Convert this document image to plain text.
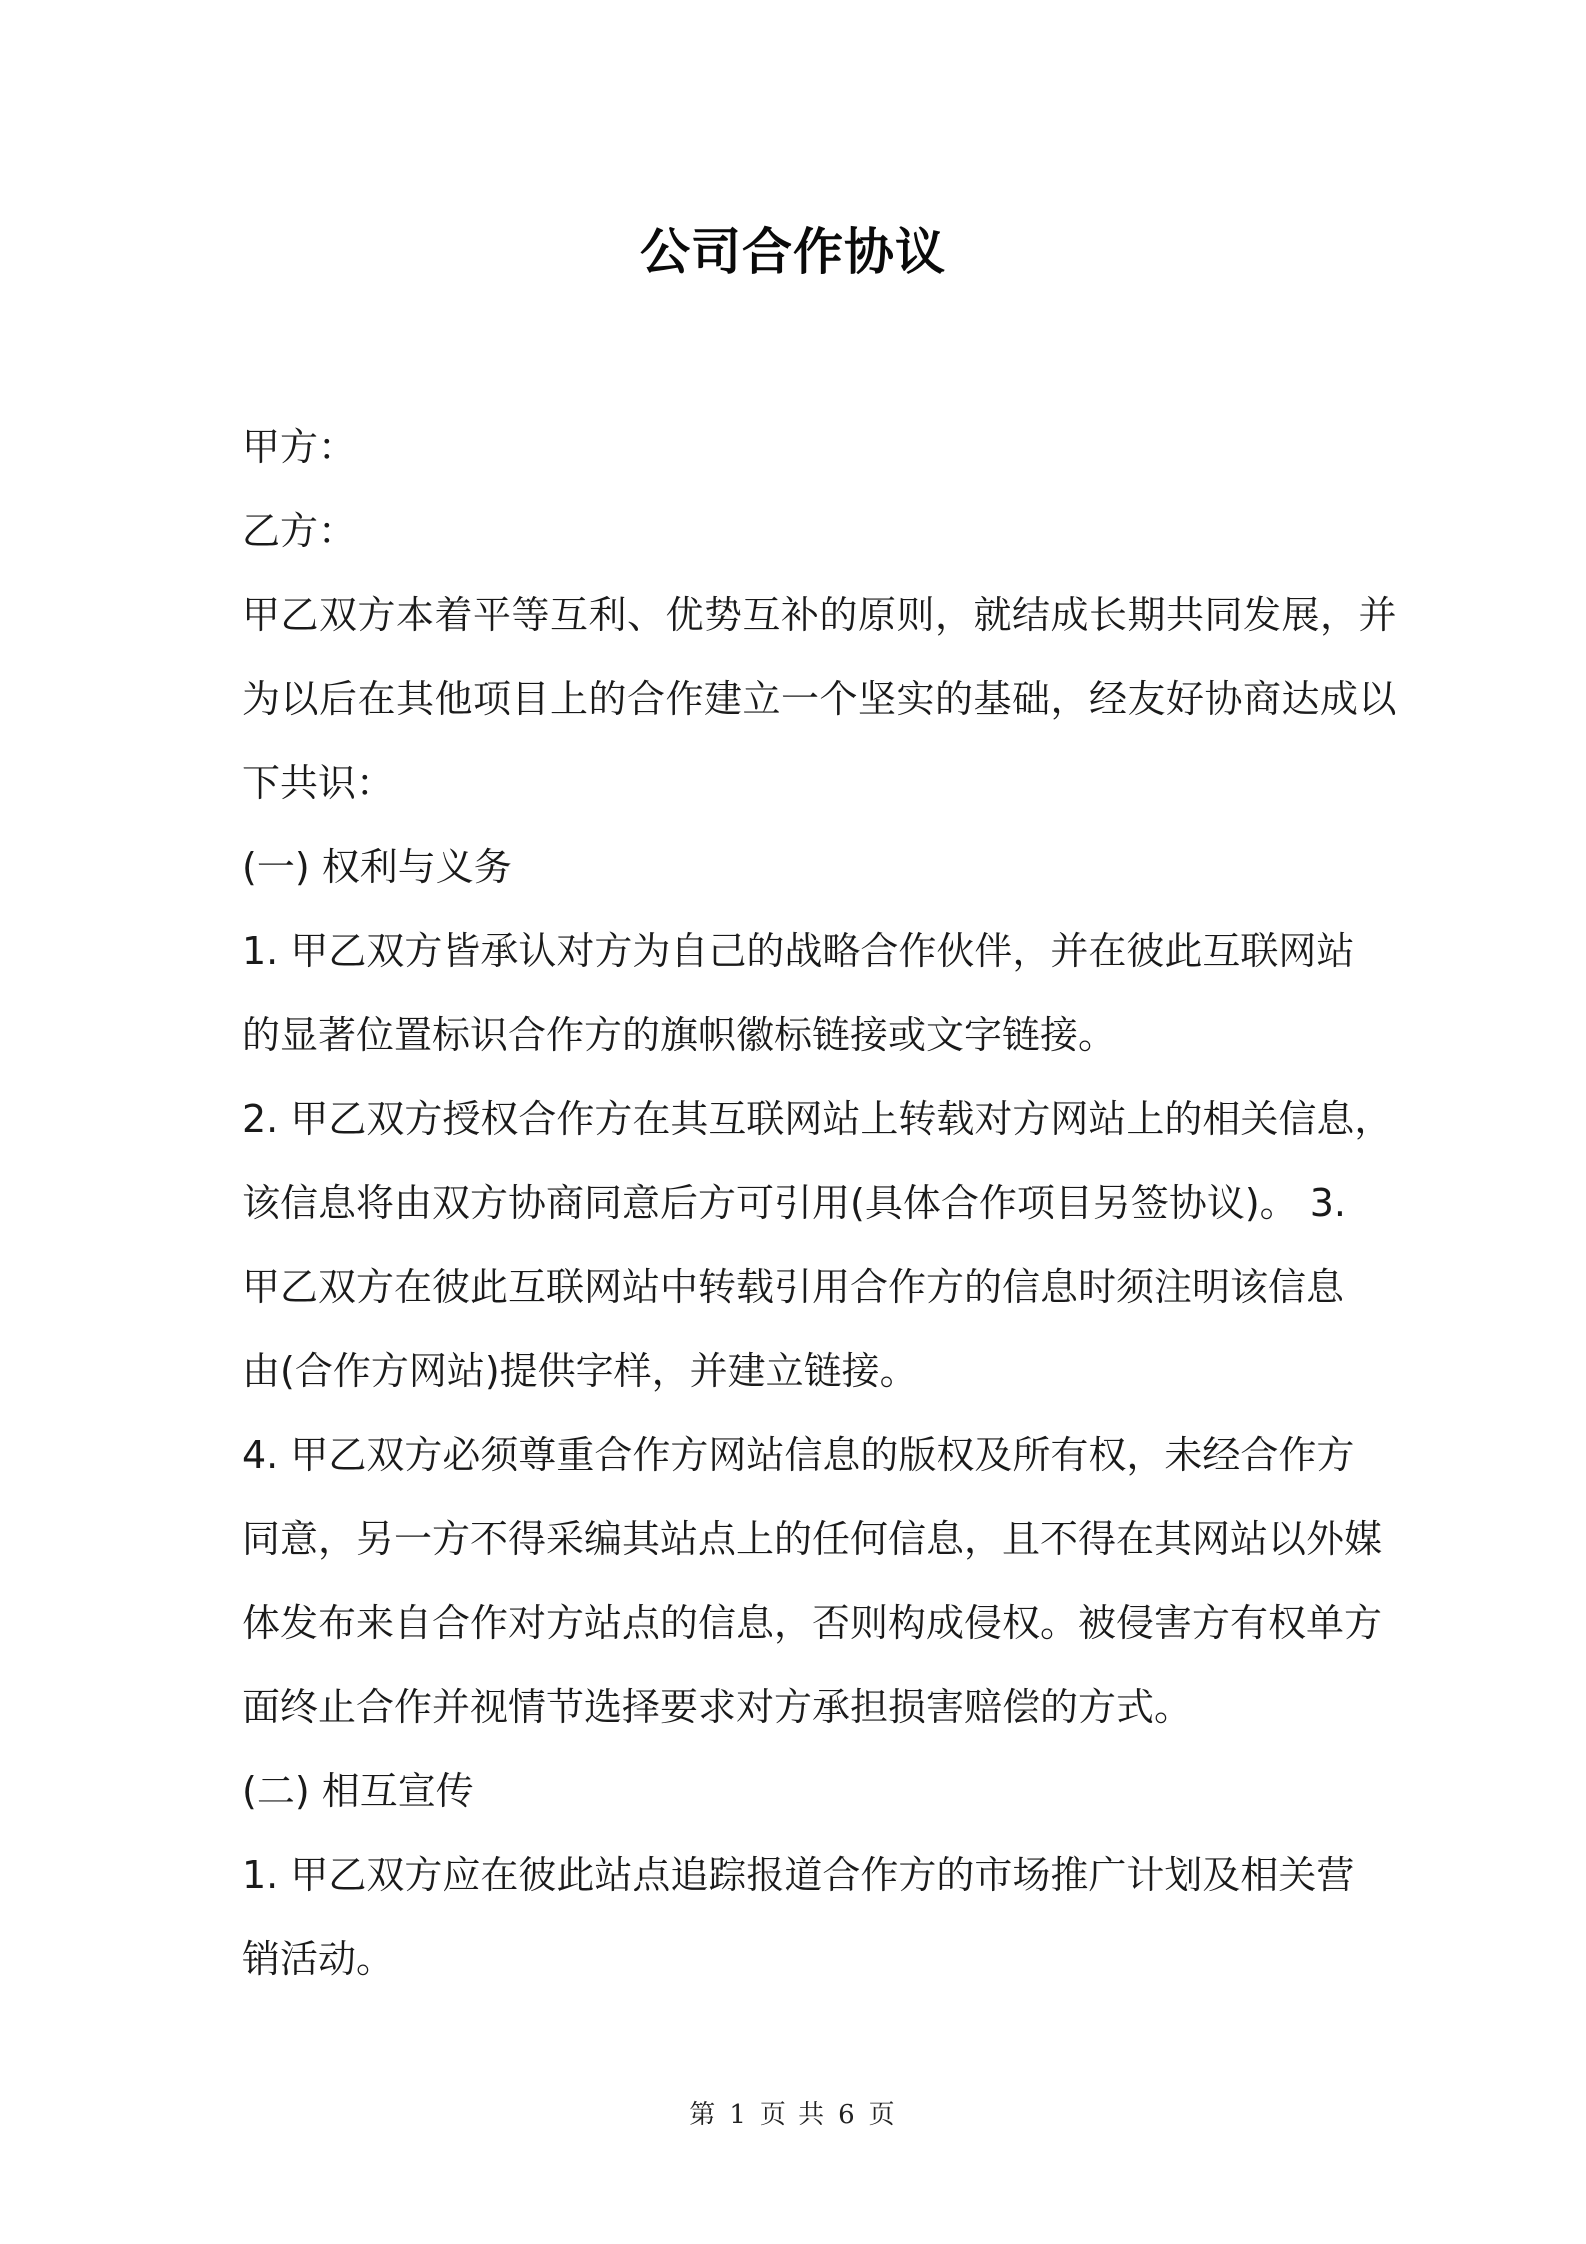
公司合作协议
甲方：
乙方：
甲乙双方本着平等互利、优势互补的原则，就结成长期共同发展，并
为以后在其他项目上的合作建立一个坚实的基础，经友好协商达成以
下共识：
(一) 权利与义务
1. 甲乙双方皆承认对方为自己的战略合作伙伴，并在彼此互联网站
的显著位置标识合作方的旗帜徽标链接或文字链接。
2. 甲乙双方授权合作方在其互联网站上转载对方网站上的相关信息，
该信息将由双方协商同意后方可引用(具体合作项目另签协议)。 3.
甲乙双方在彼此互联网站中转载引用合作方的信息时须注明该信息
由(合作方网站)提供字样，并建立链接。
4. 甲乙双方必须尊重合作方网站信息的版权及所有权，未经合作方
同意，另一方不得采编其站点上的任何信息，且不得在其网站以外媒
体发布来自合作对方站点的信息，否则构成侵权。被侵害方有权单方
面终止合作并视情节选择要求对方承担损害赔偿的方式。
(二) 相互宣传
1. 甲乙双方应在彼此站点追踪报道合作方的市场推广计划及相关营
销活动。
第 1 页 共 6 页
